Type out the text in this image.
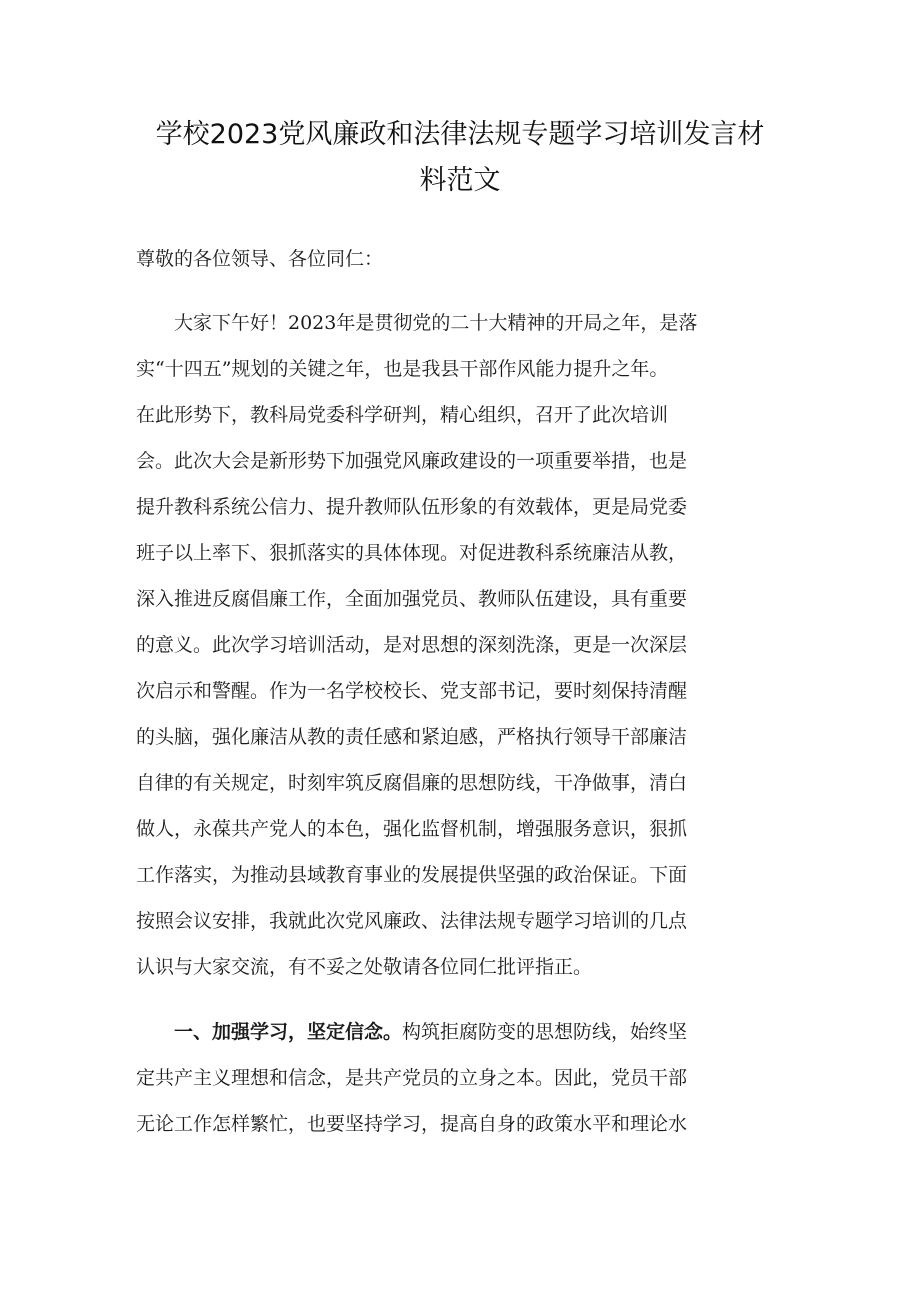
学校2023党风廉政和法律法规专题学习培训发言材
料范文

尊敬的各位领导、各位同仁：

大家下午好！2023年是贯彻党的二十大精神的开局之年，是落
实“十四五”规划的关键之年，也是我县干部作风能力提升之年。
在此形势下，教科局党委科学研判，精心组织，召开了此次培训
会。此次大会是新形势下加强党风廉政建设的一项重要举措，也是
提升教科系统公信力、提升教师队伍形象的有效载体，更是局党委
班子以上率下、狠抓落实的具体体现。对促进教科系统廉洁从教，
深入推进反腐倡廉工作，全面加强党员、教师队伍建设，具有重要
的意义。此次学习培训活动，是对思想的深刻洗涤，更是一次深层
次启示和警醒。作为一名学校校长、党支部书记，要时刻保持清醒
的头脑，强化廉洁从教的责任感和紧迫感，严格执行领导干部廉洁
自律的有关规定，时刻牢筑反腐倡廉的思想防线，干净做事，清白
做人，永葆共产党人的本色，强化监督机制，增强服务意识，狠抓
工作落实，为推动县域教育事业的发展提供坚强的政治保证。下面
按照会议安排，我就此次党风廉政、法律法规专题学习培训的几点
认识与大家交流，有不妥之处敬请各位同仁批评指正。
一、加强学习，坚定信念。构筑拒腐防变的思想防线，始终坚
定共产主义理想和信念，是共产党员的立身之本。因此，党员干部
无论工作怎样繁忙，也要坚持学习，提高自身的政策水平和理论水
